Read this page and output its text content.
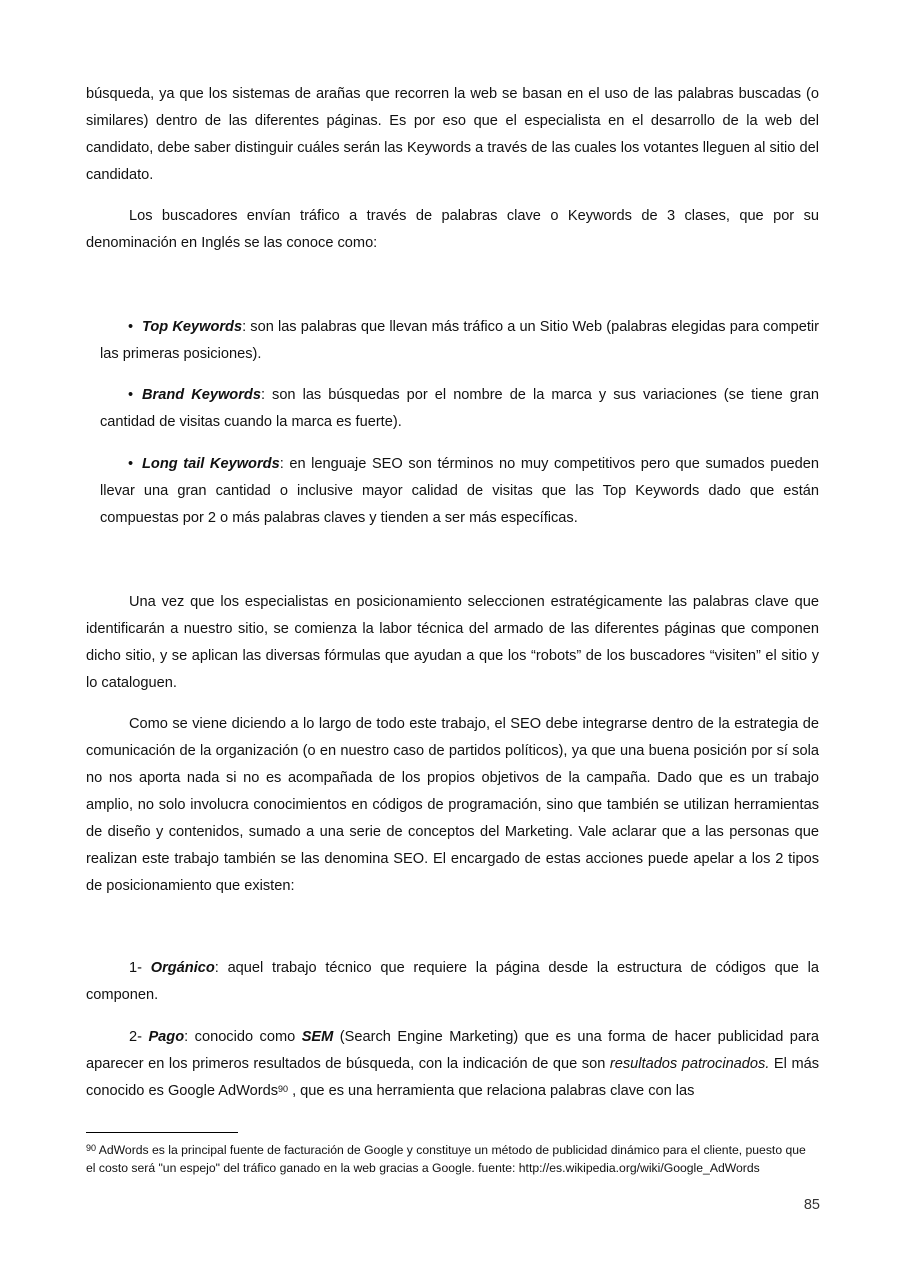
búsqueda, ya que los sistemas de arañas que recorren la web se basan en el uso de las palabras buscadas (o similares) dentro de las diferentes páginas. Es por eso que el especialista en el desarrollo de la web del candidato, debe saber distinguir cuáles serán las Keywords a través de las cuales los votantes lleguen al sitio del candidato.

Los buscadores envían tráfico a través de palabras clave o Keywords de 3 clases, que por su denominación en Inglés se las conoce como:

• Top Keywords: son las palabras que llevan más tráfico a un Sitio Web (palabras elegidas para competir las primeras posiciones).

• Brand Keywords: son las búsquedas por el nombre de la marca y sus variaciones (se tiene gran cantidad de visitas cuando la marca es fuerte).

• Long tail Keywords: en lenguaje SEO son términos no muy competitivos pero que sumados pueden llevar una gran cantidad o inclusive mayor calidad de visitas que las Top Keywords dado que están compuestas por 2 o más palabras claves y tienden a ser más específicas.

Una vez que los especialistas en posicionamiento seleccionen estratégicamente las palabras clave que identificarán a nuestro sitio, se comienza la labor técnica del armado de las diferentes páginas que componen dicho sitio, y se aplican las diversas fórmulas que ayudan a que los “robots” de los buscadores “visiten” el sitio y lo cataloguen.

Como se viene diciendo a lo largo de todo este trabajo, el SEO debe integrarse dentro de la estrategia de comunicación de la organización (o en nuestro caso de partidos políticos), ya que una buena posición por sí sola no nos aporta nada si no es acompañada de los propios objetivos de la campaña. Dado que es un trabajo amplio, no solo involucra conocimientos en códigos de programación, sino que también se utilizan herramientas de diseño y contenidos, sumado a una serie de conceptos del Marketing. Vale aclarar que a las personas que realizan este trabajo también se las denomina SEO. El encargado de estas acciones puede apelar a los 2 tipos de posicionamiento que existen:

1- Orgánico: aquel trabajo técnico que requiere la página desde la estructura de códigos que la componen.

2- Pago: conocido como SEM (Search Engine Marketing) que es una forma de hacer publicidad para aparecer en los primeros resultados de búsqueda, con la indicación de que son resultados patrocinados. El más conocido es Google AdWords$^{90}$ , que es una herramienta que relaciona palabras clave con las

$^{90}$ AdWords es la principal fuente de facturación de Google y constituye un método de publicidad dinámico para el cliente, puesto que el costo será "un espejo" del tráfico ganado en la web gracias a Google. fuente: http://es.wikipedia.org/wiki/Google_AdWords

85
